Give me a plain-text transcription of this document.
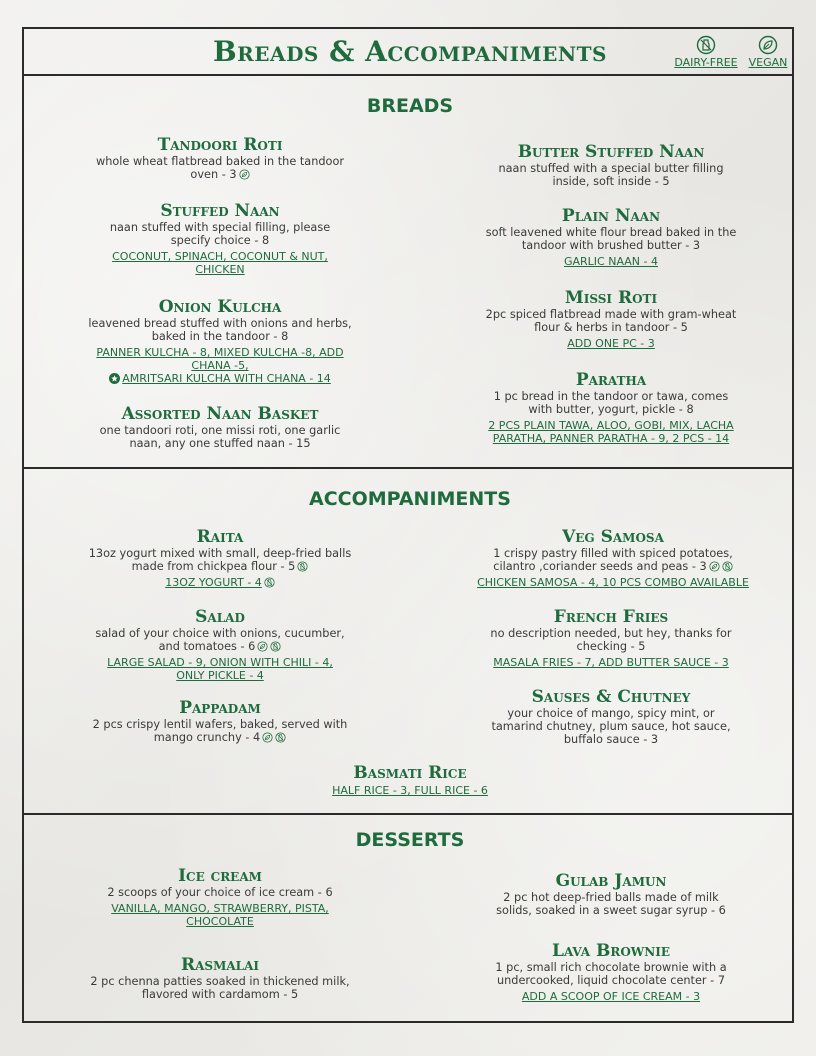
Breads & Accompaniments	DAIRY-FREE VEGAN
BREADS
Tandoori Roti
whole wheat flatbread baked in the tandoor oven - 3
Stuffed Naan
naan stuffed with special filling, please specify choice - 8
COCONUT, SPINACH, COCONUT & NUT, CHICKEN
Onion Kulcha
leavened bread stuffed with onions and herbs, baked in the tandoor - 8
PANNER KULCHA - 8, MIXED KULCHA -8, ADD CHANA -5,
AMRITSARI KULCHA WITH CHANA - 14
Assorted Naan Basket
one tandoori roti, one missi roti, one garlic naan, any one stuffed naan - 15
Butter Stuffed Naan
naan stuffed with a special butter filling inside, soft inside - 5
Plain Naan
soft leavened white flour bread baked in the tandoor with brushed butter - 3
GARLIC NAAN - 4
Missi Roti
2pc spiced flatbread made with gram-wheat flour & herbs in tandoor - 5
ADD ONE PC - 3
Paratha
1 pc bread in the tandoor or tawa, comes with butter, yogurt, pickle - 8
2 PCS PLAIN TAWA, ALOO, GOBI, MIX, LACHA PARATHA, PANNER PARATHA - 9, 2 PCS - 14
ACCOMPANIMENTS
Raita
13oz yogurt mixed with small, deep-fried balls made from chickpea flour - 5
13OZ YOGURT - 4
Salad
salad of your choice with onions, cucumber, and tomatoes - 6
LARGE SALAD - 9, ONION WITH CHILI - 4, ONLY PICKLE - 4
Pappadam
2 pcs crispy lentil wafers, baked, served with mango crunchy - 4
Veg Samosa
1 crispy pastry filled with spiced potatoes, cilantro ,coriander seeds and peas - 3
CHICKEN SAMOSA - 4, 10 PCS COMBO AVAILABLE
French Fries
no description needed, but hey, thanks for checking - 5
MASALA FRIES - 7, ADD BUTTER SAUCE - 3
Sauses & Chutney
your choice of mango, spicy mint, or tamarind chutney, plum sauce, hot sauce, buffalo sauce - 3
Basmati Rice
HALF RICE - 3, FULL RICE - 6
DESSERTS
Ice cream
2 scoops of your choice of ice cream - 6
VANILLA, MANGO, STRAWBERRY, PISTA, CHOCOLATE
Rasmalai
2 pc chenna patties soaked in thickened milk, flavored with cardamom - 5
Gulab Jamun
2 pc hot deep-fried balls made of milk solids, soaked in a sweet sugar syrup - 6
Lava Brownie
1 pc, small rich chocolate brownie with a undercooked, liquid chocolate center - 7
ADD A SCOOP OF ICE CREAM - 3
